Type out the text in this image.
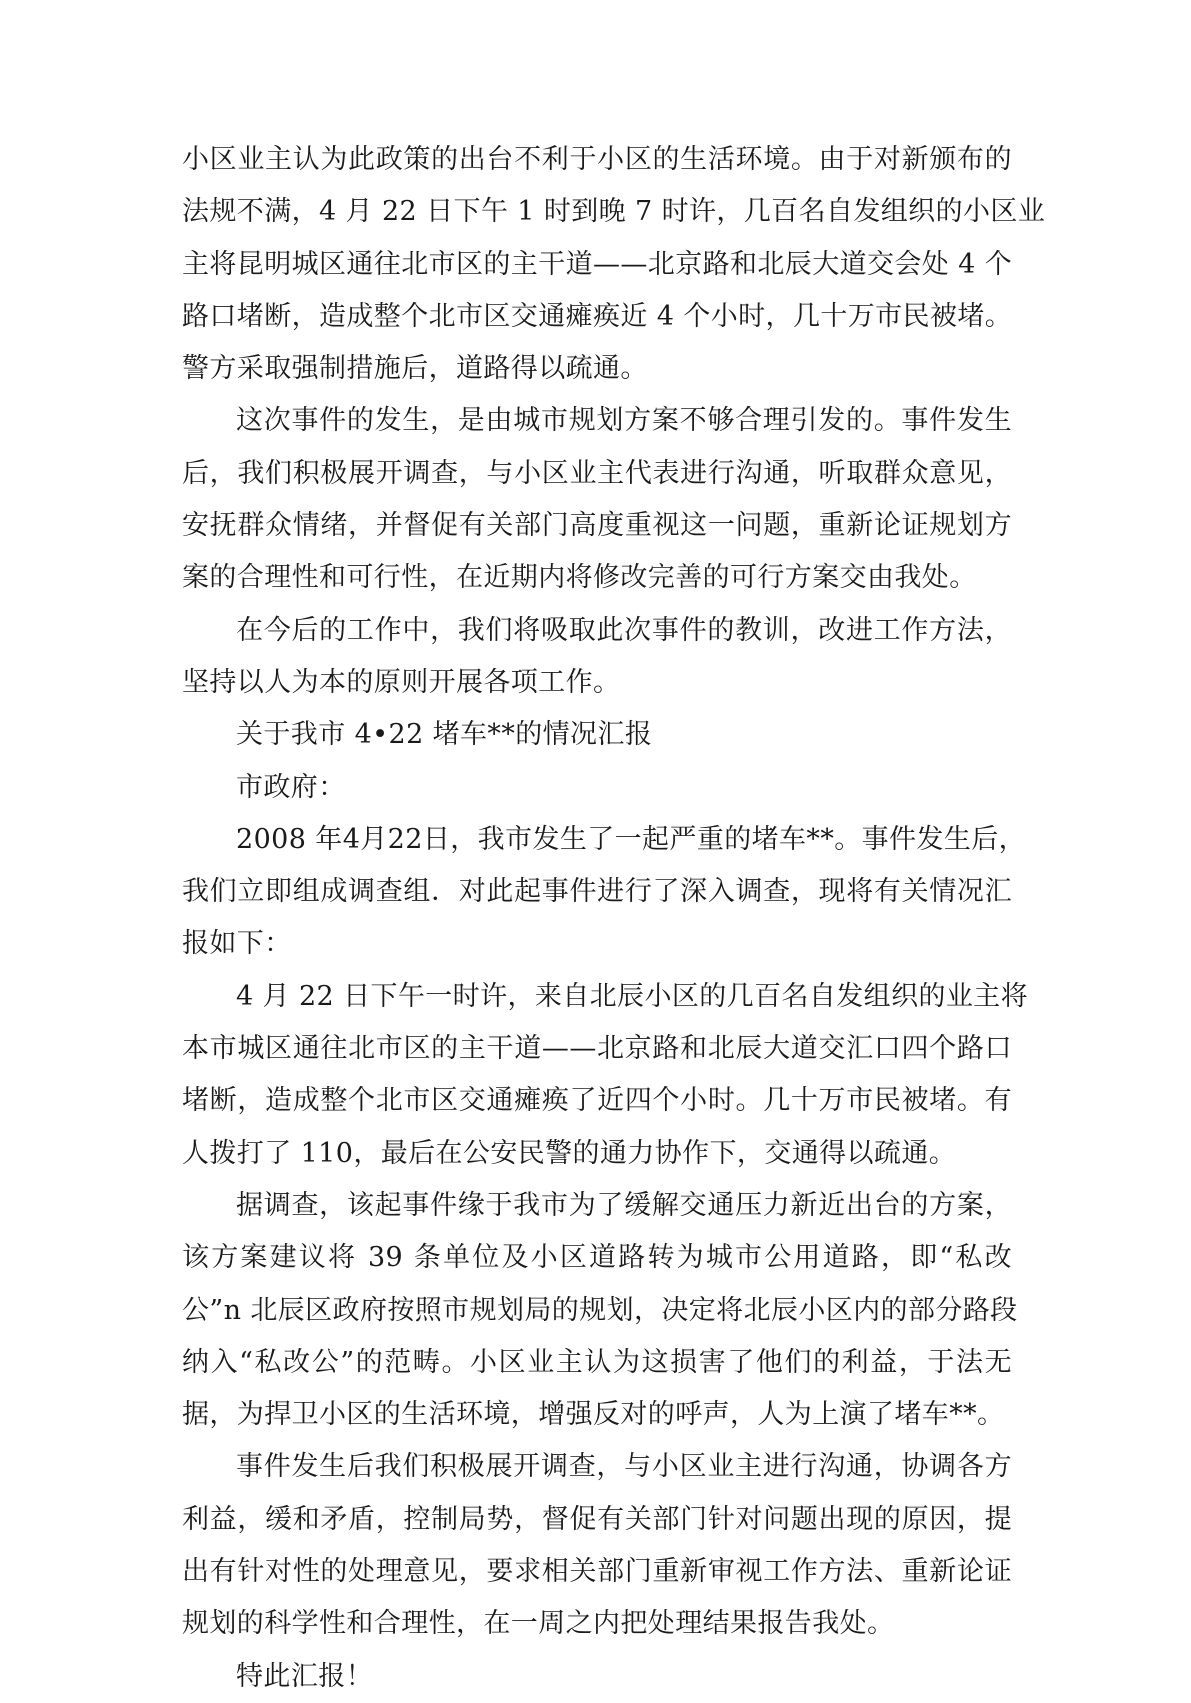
小区业主认为此政策的出台不利于小区的生活环境。由于对新颁布的
法规不满，4 月 22 日下午 1 时到晚 7 时许，几百名自发组织的小区业
主将昆明城区通往北市区的主干道——北京路和北辰大道交会处 4 个
路口堵断，造成整个北市区交通瘫痪近 4 个小时，几十万市民被堵。
警方采取强制措施后，道路得以疏通。

这次事件的发生，是由城市规划方案不够合理引发的。事件发生
后，我们积极展开调查，与小区业主代表进行沟通，听取群众意见，
安抚群众情绪，并督促有关部门高度重视这一问题，重新论证规划方
案的合理性和可行性，在近期内将修改完善的可行方案交由我处。

在今后的工作中，我们将吸取此次事件的教训，改进工作方法，
坚持以人为本的原则开展各项工作。

关于我市 4•22 堵车**的情况汇报

市政府：

2008 年4月22日，我市发生了一起严重的堵车**。事件发生后，
我们立即组成调查组．对此起事件进行了深入调查，现将有关情况汇
报如下：

4 月 22 日下午一时许，来自北辰小区的几百名自发组织的业主将
本市城区通往北市区的主干道——北京路和北辰大道交汇口四个路口
堵断，造成整个北市区交通瘫痪了近四个小时。几十万市民被堵。有
人拨打了 110，最后在公安民警的通力协作下，交通得以疏通。

据调查，该起事件缘于我市为了缓解交通压力新近出台的方案，
该方案建议将 39 条单位及小区道路转为城市公用道路，即“私改
公”n 北辰区政府按照市规划局的规划，决定将北辰小区内的部分路段
纳入“私改公”的范畴。小区业主认为这损害了他们的利益，于法无
据，为捍卫小区的生活环境，增强反对的呼声，人为上演了堵车**。

事件发生后我们积极展开调查，与小区业主进行沟通，协调各方
利益，缓和矛盾，控制局势，督促有关部门针对问题出现的原因，提
出有针对性的处理意见，要求相关部门重新审视工作方法、重新论证
规划的科学性和合理性，在一周之内把处理结果报告我处。

特此汇报！
